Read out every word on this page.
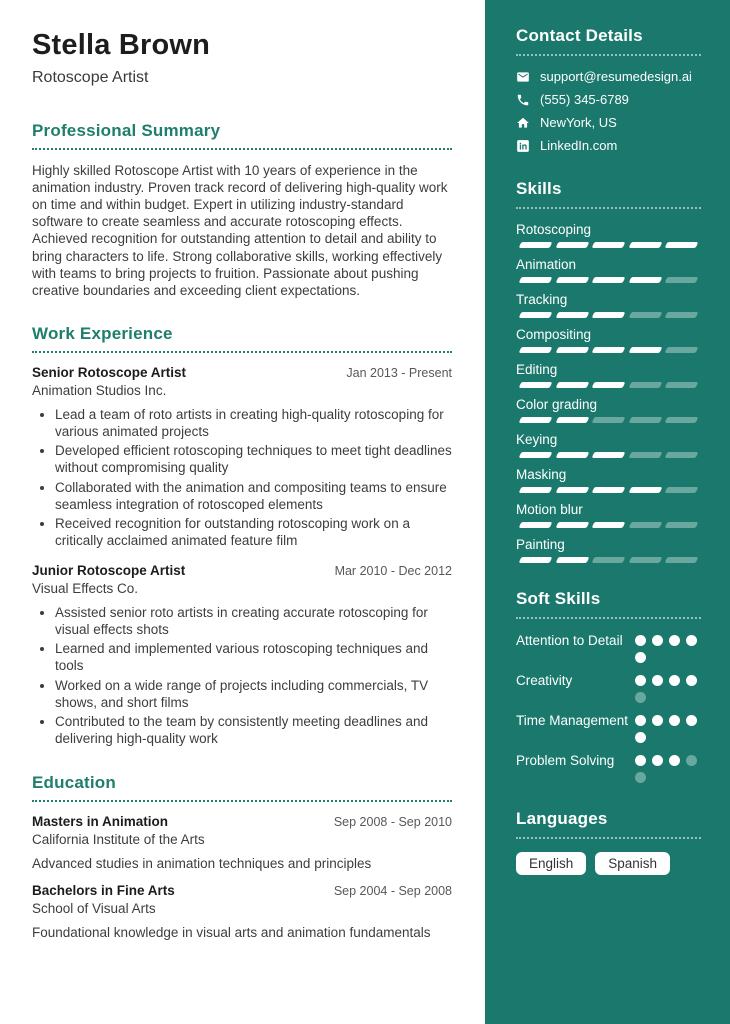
Stella Brown
Rotoscope Artist
Professional Summary

Highly skilled Rotoscope Artist with 10 years of experience in the animation industry. Proven track record of delivering high-quality work on time and within budget. Expert in utilizing industry-standard software to create seamless and accurate rotoscoping effects. Achieved recognition for outstanding attention to detail and ability to bring characters to life. Strong collaborative skills, working effectively with teams to bring projects to fruition. Passionate about pushing creative boundaries and exceeding client expectations.

Work Experience
Senior Rotoscope Artist	Jan 2013 - Present
Animation Studios Inc.
• Lead a team of roto artists in creating high-quality rotoscoping for various animated projects
• Developed efficient rotoscoping techniques to meet tight deadlines without compromising quality
• Collaborated with the animation and compositing teams to ensure seamless integration of rotoscoped elements
• Received recognition for outstanding rotoscoping work on a critically acclaimed animated feature film
Junior Rotoscope Artist	Mar 2010 - Dec 2012
Visual Effects Co.
• Assisted senior roto artists in creating accurate rotoscoping for visual effects shots
• Learned and implemented various rotoscoping techniques and tools
• Worked on a wide range of projects including commercials, TV shows, and short films
• Contributed to the team by consistently meeting deadlines and delivering high-quality work
Education
Masters in Animation	Sep 2008 - Sep 2010
California Institute of the Arts

Advanced studies in animation techniques and principles

Bachelors in Fine Arts	Sep 2004 - Sep 2008
School of Visual Arts

Foundational knowledge in visual arts and animation fundamentals

Contact Details
support@resumedesign.ai
(555) 345-6789
NewYork, US
LinkedIn.com
Skills
Rotoscoping
Animation
Tracking
Compositing
Editing
Color grading
Keying
Masking
Motion blur
Painting
Soft Skills
Attention to Detail
Creativity
Time Management
Problem Solving
Languages
English	Spanish
